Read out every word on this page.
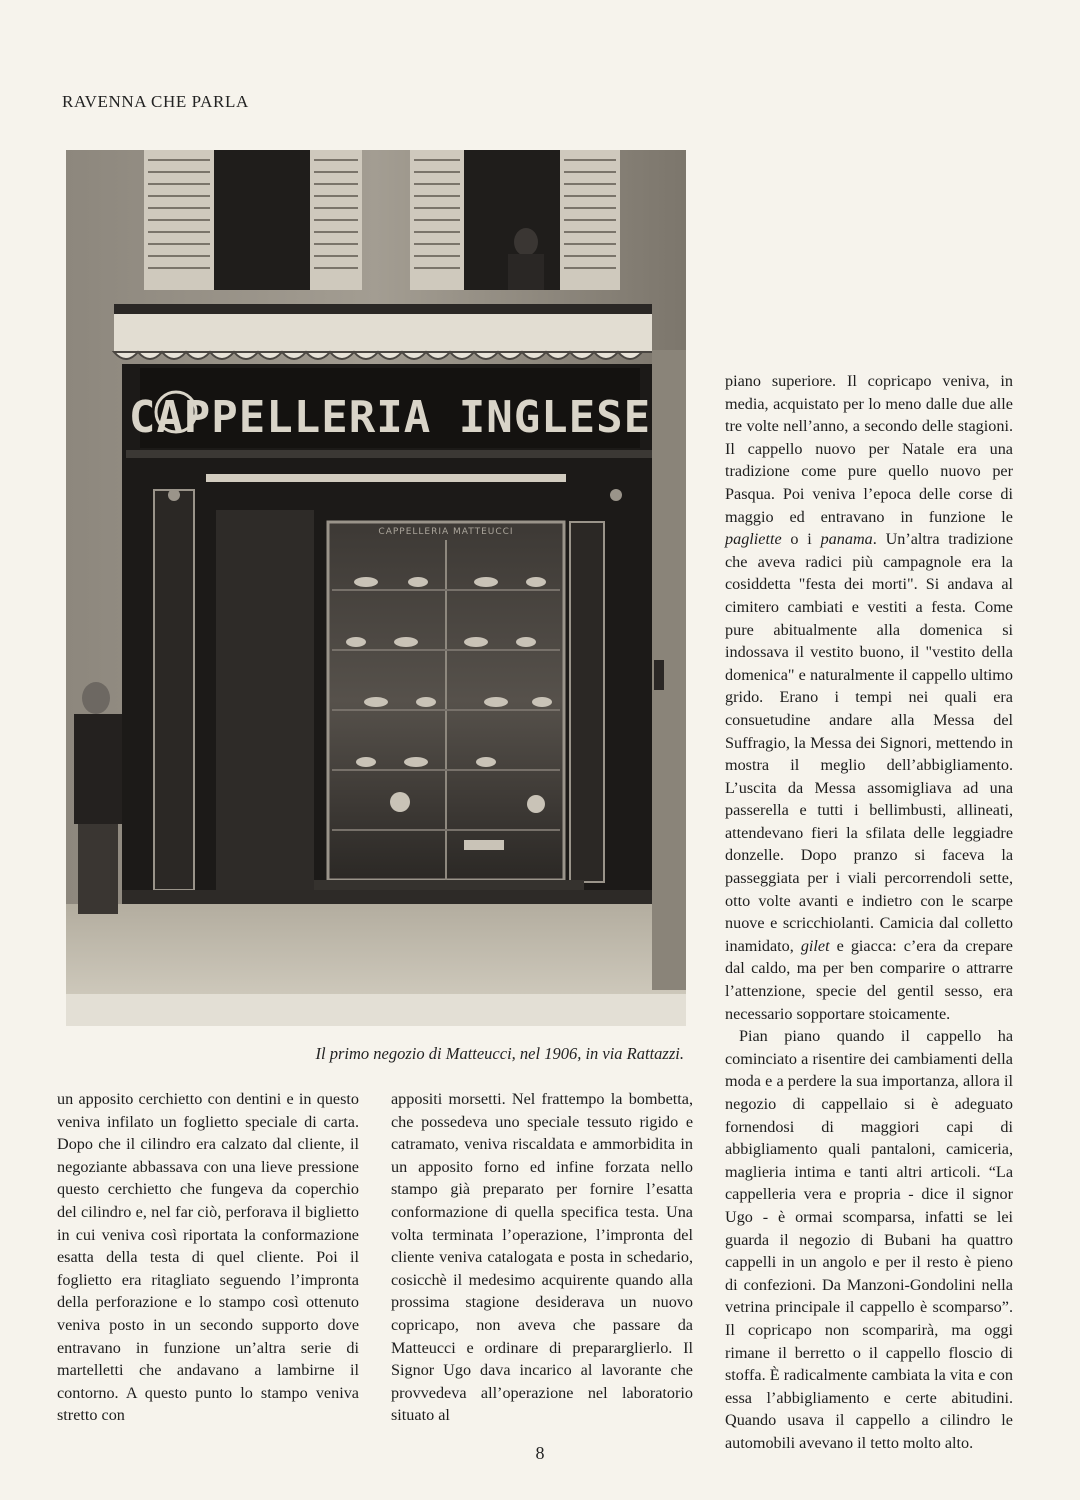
RAVENNA CHE PARLA
CAPPELLERIA INGLESE
CAPPELLERIA MATTEUCCI
Il primo negozio di Matteucci, nel 1906, in via Rattazzi.

piano superiore. Il copricapo veniva, in media, acquistato per lo meno dalle due alle tre volte nell’anno, a secondo delle stagioni. Il cappello nuovo per Natale era una tradizione come pure quello nuovo per Pasqua. Poi veniva l’epoca delle corse di maggio ed entravano in funzione le pagliette o i panama. Un’altra tradizione che aveva radici più campagnole era la cosiddetta "festa dei morti". Si andava al cimitero cambiati e vestiti a festa. Come pure abitualmente alla domenica si indossava il vestito buono, il "vestito della domenica" e naturalmente il cappello ultimo grido. Erano i tempi nei quali era consuetudine andare alla Messa del Suffragio, la Messa dei Signori, mettendo in mostra il meglio dell’abbigliamento. L’uscita da Messa assomigliava ad una passerella e tutti i bellimbusti, allineati, attendevano fieri la sfilata delle leggiadre donzelle. Dopo pranzo si faceva la passeggiata per i viali percorrendoli sette, otto volte avanti e indietro con le scarpe nuove e scricchiolanti. Camicia dal colletto inamidato, gilet e giacca: c’era da crepare dal caldo, ma per ben comparire o attrarre l’attenzione, specie del gentil sesso, era necessario sopportare stoicamente.

Pian piano quando il cappello ha cominciato a risentire dei cambiamenti della moda e a perdere la sua importanza, allora il negozio di cappellaio si è adeguato fornendosi di maggiori capi di abbigliamento quali pantaloni, camiceria, maglieria intima e tanti altri articoli. “La cappelleria vera e propria - dice il signor Ugo - è ormai scomparsa, infatti se lei guarda il negozio di Bubani ha quattro cappelli in un angolo e per il resto è pieno di confezioni. Da Manzoni-Gondolini nella vetrina principale il cappello è scomparso”. Il copricapo non scomparirà, ma oggi rimane il berretto o il cappello floscio di stoffa. È radicalmente cambiata la vita e con essa l’abbigliamento e certe abitudini. Quando usava il cappello a cilindro le automobili avevano il tetto molto alto.

un apposito cerchietto con dentini e in questo veniva infilato un foglietto speciale di carta. Dopo che il cilindro era calzato dal cliente, il negoziante abbassava con una lieve pressione questo cerchietto che fungeva da coperchio del cilindro e, nel far ciò, perforava il biglietto in cui veniva così riportata la conformazione esatta della testa di quel cliente. Poi il foglietto era ritagliato seguendo l’impronta della perforazione e lo stampo così ottenuto veniva posto in un secondo supporto dove entravano in funzione un’altra serie di martelletti che andavano a lambirne il contorno. A questo punto lo stampo veniva stretto con

appositi morsetti. Nel frattempo la bombetta, che possedeva uno speciale tessuto rigido e catramato, veniva riscaldata e ammorbidita in un apposito forno ed infine forzata nello stampo già preparato per fornire l’esatta conformazione di quella specifica testa. Una volta terminata l’operazione, l’impronta del cliente veniva catalogata e posta in schedario, cosicchè il medesimo acquirente quando alla prossima stagione desiderava un nuovo copricapo, non aveva che passare da Matteucci e ordinare di prepararglierlo. Il Signor Ugo dava incarico al lavorante che provvedeva all’operazione nel laboratorio situato al

8
